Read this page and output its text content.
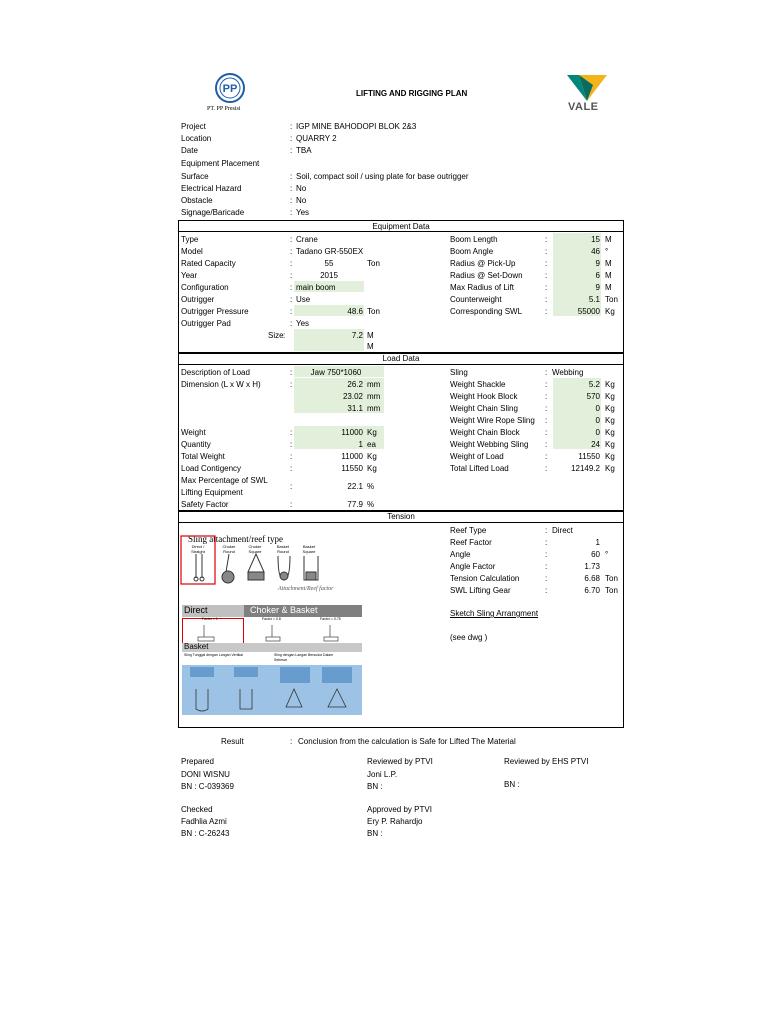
PP
PT. PP Presisi
LIFTING AND RIGGING PLAN
VALE
Project	: IGP MINE BAHODOPI BLOK 2&3
Location	: QUARRY 2
Date	: TBA
Equipment Placement
Surface	: Soil, compact soil / using plate for base outrigger
Electrical Hazard	: No
Obstacle	: No
Signage/Baricade	: Yes
Equipment Data
Type	: Crane
Model	: Tadano GR-550EX
Rated Capacity	:	55	Ton
Year	:	2015
Configuration	: main boom
Outrigger	: Use
Outrigger Pressure	:	48.6 Ton
Outrigger Pad	: Yes
Size :	7.2 M
M
Boom Length	:	15 M
Boom Angle	:	46 °
Radius @ Pick-Up	:	9 M
Radius @ Set-Down	:	6 M
Max Radius of Lift	:	9 M
Counterweight	:	5.1 Ton
Corresponding SWL	:	55000 Kg
Load Data
Description of Load	:	Jaw 750*1060
Dimension (L x W x H)	:	26.2 mm
23.02 mm
31.1 mm
Weight	:	11000 Kg
Quantity	:	1 ea
Total Weight	:	11000 Kg
Load Contigency	:	11550 Kg
Max Percentage of SWL
Lifting Equipment
:	22.1 %
Safety Factor	:	77.9 %
Sling	: Webbing
Weight Shackle	:	5.2 Kg
Weight Hook Block	:	570 Kg
Weight Chain Sling	:	0 Kg
Weight Wire Rope Sling :	0 Kg
Weight Chain Block	:	0 Kg
Weight Webbing Sling :	24 Kg
Weight of Load	:	11550 Kg
Total Lifted Load	:	12149.2 Kg
Tension
Sling attachment/reef type
Direct / Straight
Choker Round
Choker Square
Basket Round
Basket Square
Attachment/Reef factor
Direct	Choker & Basket
Factor = 1	Factor = 0.8	Factor = 0.75
Basket
Sling Tunggal dengan Langan Vertikal	Sling dengan Langan Bersudut Dalam Sebesar
Reef Type	: Direct
Reef Factor	:	1
Angle	:	60 °
Angle Factor	:	1.73
Tension Calculation	:	6.68 Ton
SWL Lifting Gear	:	6.70 Ton
Sketch Sling Arrangment
(see dwg )
Result	: Conclusion from the calculation is Safe for Lifted The Material
Prepared
DONI WISNU
BN : C-039369
Reviewed by PTVI
Joni L.P.
BN :
Reviewed by EHS PTVI
BN :
Checked
Fadhlia Azmi
BN : C-26243
Approved by PTVI
Ery P. Rahardjo
BN :
